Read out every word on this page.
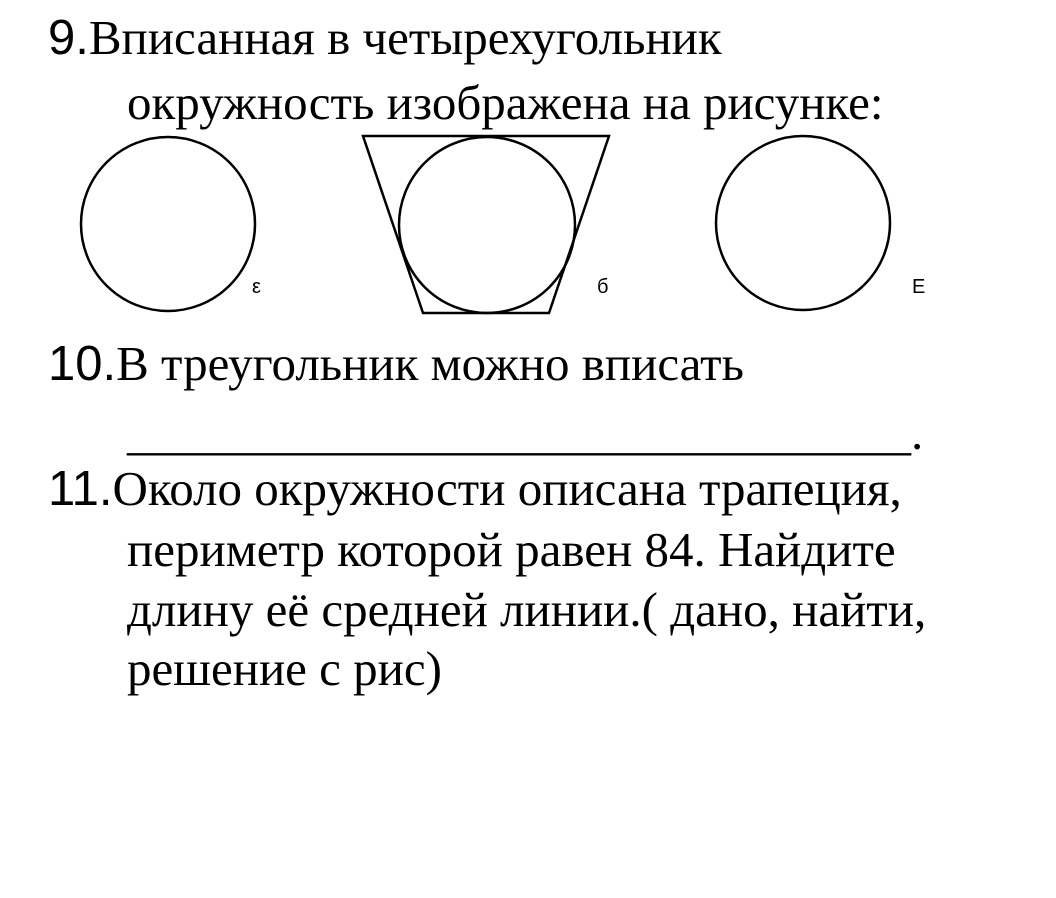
9.Вписанная в четырехугольник
окружность изображена на рисунке:
ε	б	E
10.В треугольник можно вписать
________________________________.
11.Около окружности описана трапеция,
периметр которой равен 84. Найдите
длину её средней линии.( дано, найти,
решение с рис)
